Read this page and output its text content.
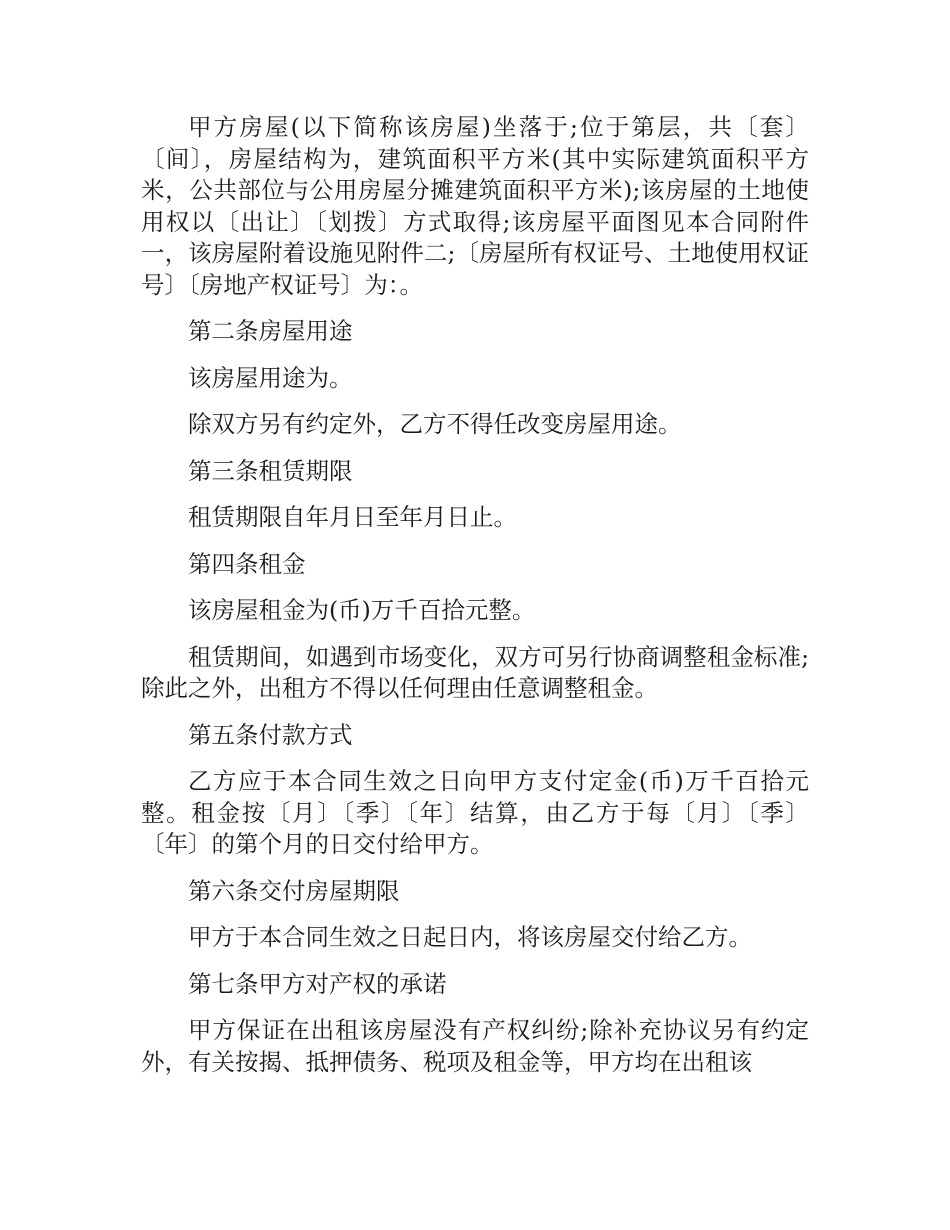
甲方房屋(以下简称该房屋)坐落于;位于第层，共〔套〕〔间〕，房屋结构为，建筑面积平方米(其中实际建筑面积平方米，公共部位与公用房屋分摊建筑面积平方米);该房屋的土地使用权以〔出让〕〔划拨〕方式取得;该房屋平面图见本合同附件一，该房屋附着设施见附件二;〔房屋所有权证号、土地使用权证号〕〔房地产权证号〕为：。

第二条房屋用途

该房屋用途为。

除双方另有约定外，乙方不得任改变房屋用途。

第三条租赁期限

租赁期限自年月日至年月日止。

第四条租金

该房屋租金为(币)万千百拾元整。

租赁期间，如遇到市场变化，双方可另行协商调整租金标准;除此之外，出租方不得以任何理由任意调整租金。

第五条付款方式

乙方应于本合同生效之日向甲方支付定金(币)万千百拾元整。租金按〔月〕〔季〕〔年〕结算，由乙方于每〔月〕〔季〕〔年〕的第个月的日交付给甲方。

第六条交付房屋期限

甲方于本合同生效之日起日内，将该房屋交付给乙方。

第七条甲方对产权的承诺

甲方保证在出租该房屋没有产权纠纷;除补充协议另有约定外，有关按揭、抵押债务、税项及租金等，甲方均在出租该
